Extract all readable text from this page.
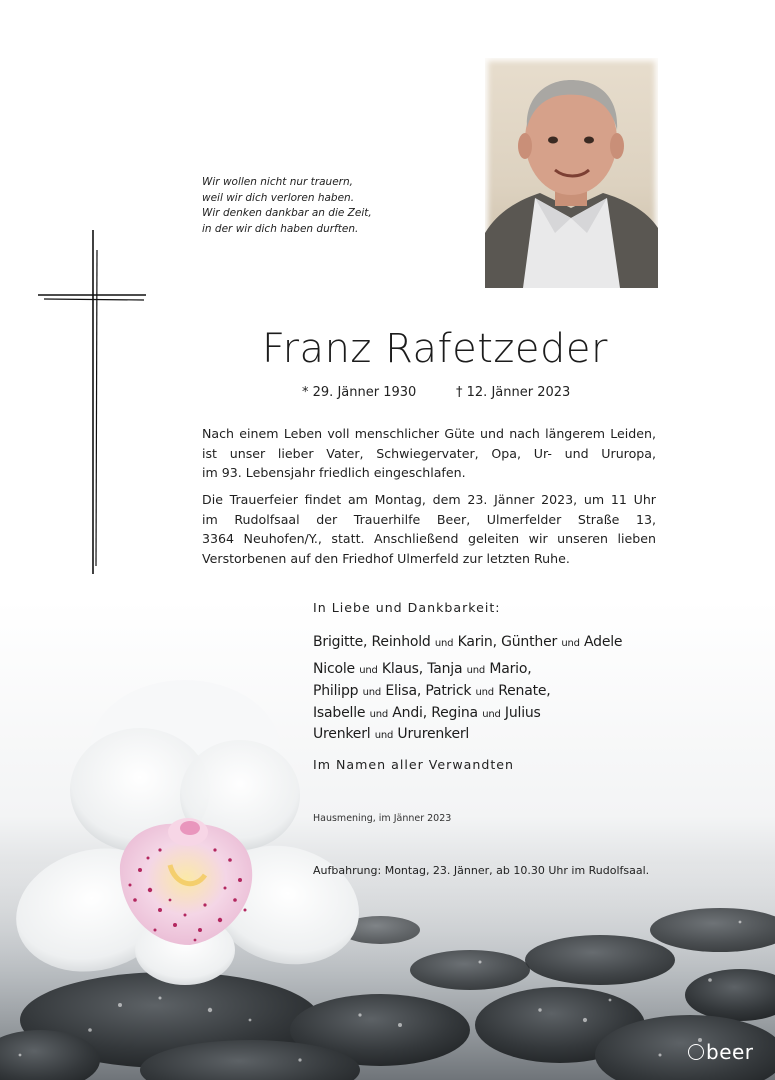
Wir wollen nicht nur trauern,
weil wir dich verloren haben.
Wir denken dankbar an die Zeit,
in der wir dich haben durften.
Franz Rafetzeder
* 29. Jänner 1930	† 12. Jänner 2023
Nach einem Leben voll menschlicher Güte und nach längerem Leiden,
ist unser lieber Vater, Schwiegervater, Opa, Ur- und Ururopa,
im 93. Lebensjahr friedlich eingeschlafen.
Die Trauerfeier findet am Montag, dem 23. Jänner 2023, um 11 Uhr
im Rudolfsaal der Trauerhilfe Beer, Ulmerfelder Straße 13,
3364 Neuhofen/Y., statt. Anschließend geleiten wir unseren lieben
Verstorbenen auf den Friedhof Ulmerfeld zur letzten Ruhe.
In Liebe und Dankbarkeit:
Brigitte, Reinhold und Karin, Günther und Adele
Nicole und Klaus, Tanja und Mario,
Philipp und Elisa, Patrick und Renate,
Isabelle und Andi, Regina und Julius
Urenkerl und Ururenkerl
Im Namen aller Verwandten
Hausmening, im Jänner 2023
Aufbahrung: Montag, 23. Jänner, ab 10.30 Uhr im Rudolfsaal.
beer
